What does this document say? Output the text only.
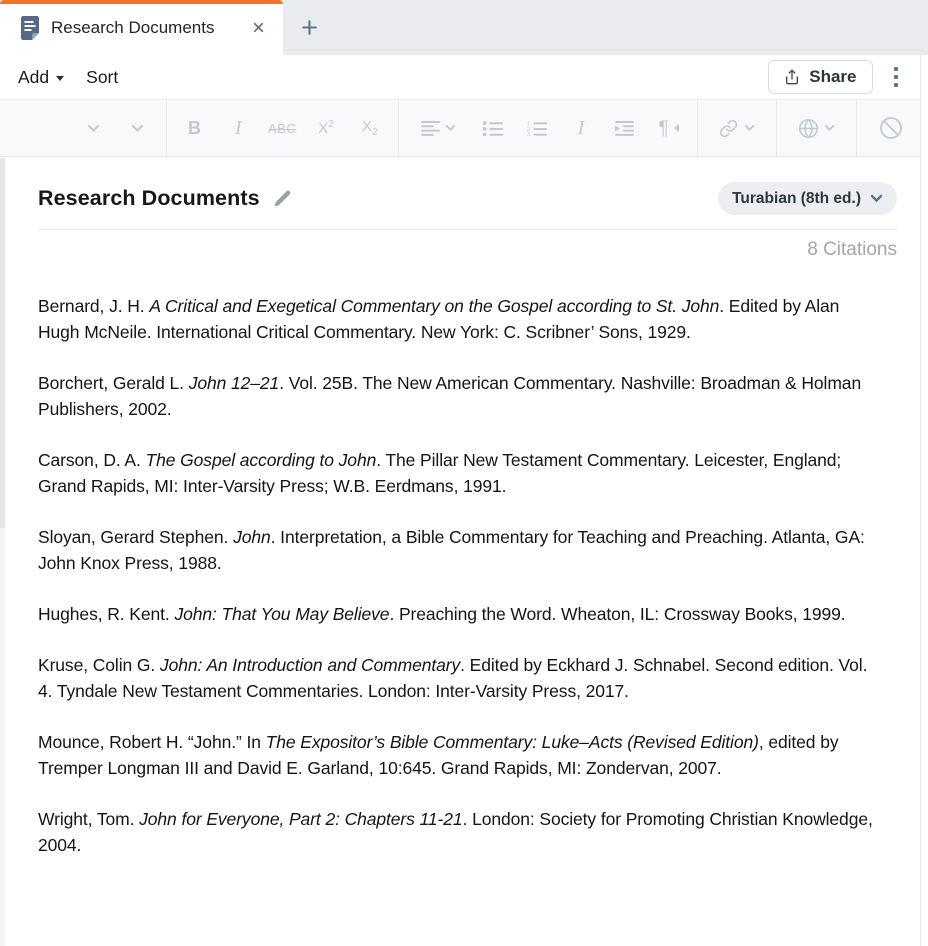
Research Documents
Add Sort	Share
B I ABC $X^2$ $X_2$
1
2
3 I	¶
Research Documents	Turabian (8th ed.)
8 Citations

Bernard, J. H. A Critical and Exegetical Commentary on the Gospel according to St. John. Edited by Alan Hugh McNeile. International Critical Commentary. New York: C. Scribner’ Sons, 1929.

Borchert, Gerald L. John 12–21. Vol. 25B. The New American Commentary. Nashville: Broadman & Holman Publishers, 2002.

Carson, D. A. The Gospel according to John. The Pillar New Testament Commentary. Leicester, England; Grand Rapids, MI: Inter-Varsity Press; W.B. Eerdmans, 1991.

Sloyan, Gerard Stephen. John. Interpretation, a Bible Commentary for Teaching and Preaching. Atlanta, GA: John Knox Press, 1988.

Hughes, R. Kent. John: That You May Believe. Preaching the Word. Wheaton, IL: Crossway Books, 1999.

Kruse, Colin G. John: An Introduction and Commentary. Edited by Eckhard J. Schnabel. Second edition. Vol. 4. Tyndale New Testament Commentaries. London: Inter-Varsity Press, 2017.

Mounce, Robert H. “John.” In The Expositor’s Bible Commentary: Luke–Acts (Revised Edition), edited by Tremper Longman III and David E. Garland, 10:645. Grand Rapids, MI: Zondervan, 2007.

Wright, Tom. John for Everyone, Part 2: Chapters 11-21. London: Society for Promoting Christian Knowledge, 2004.
